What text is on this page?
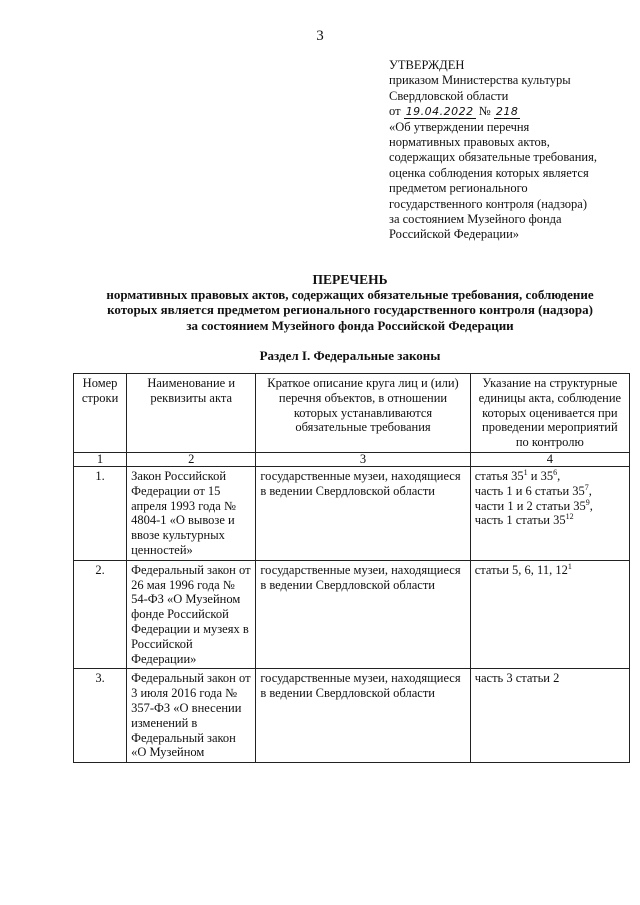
3
УТВЕРЖДЕН
приказом Министерства культуры
Свердловской области
от 19.04.2022 № 218
«Об утверждении перечня
нормативных правовых актов,
содержащих обязательные требования,
оценка соблюдения которых является
предметом регионального
государственного контроля (надзора)
за состоянием Музейного фонда
Российской Федерации»
ПЕРЕЧЕНЬ
нормативных правовых актов, содержащих обязательные требования, соблюдение
которых является предметом регионального государственного контроля (надзора)
за состоянием Музейного фонда Российской Федерации
Раздел I. Федеральные законы
Номер строки	Наименование и реквизиты акта	Краткое описание круга лиц и (или) перечня объектов, в отношении которых устанавливаются обязательные требования	Указание на структурные единицы акта, соблюдение которых оценивается при проведении мероприятий по контролю
1	2	3	4
1.	Закон Российской Федерации от 15 апреля 1993 года № 4804-1 «О вывозе и ввозе культурных ценностей»	государственные музеи, находящиеся в ведении Свердловской области	статья $35^1$ и $35^6$,
часть 1 и 6 статьи $35^7$,
части 1 и 2 статьи $35^9$,
часть 1 статьи $35^{12}$

2.	Федеральный закон от 26 мая 1996 года № 54-ФЗ «О Музейном фонде Российской Федерации и музеях в Российской Федерации»	государственные музеи, находящиеся в ведении Свердловской области	статьи 5, 6, 11, $12^1$

3.	Федеральный закон от 3 июля 2016 года № 357-ФЗ «О внесении изменений в Федеральный закон «О Музейном	государственные музеи, находящиеся в ведении Свердловской области	часть 3 статьи 2
